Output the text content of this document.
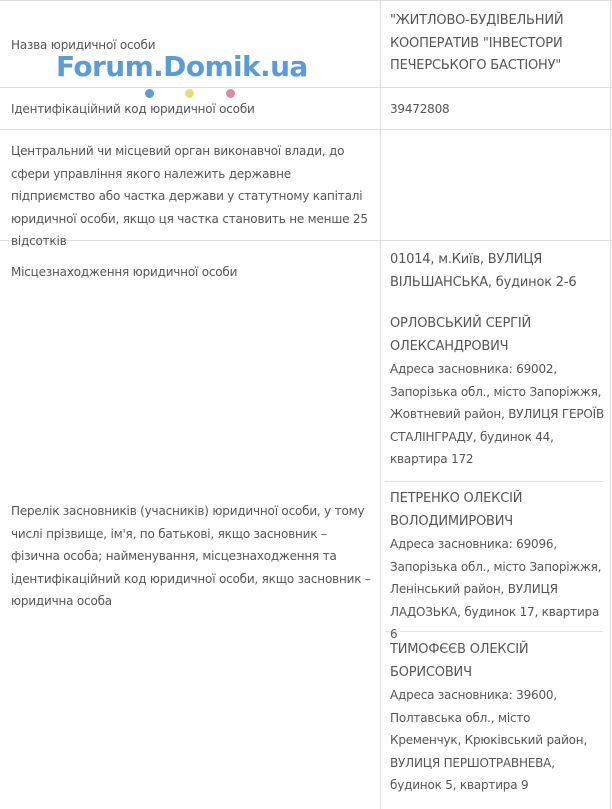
Назва юридичної особи
"ЖИТЛОВО-БУДІВЕЛЬНИЙ КООПЕРАТИВ "ІНВЕСТОРИ ПЕЧЕРСЬКОГО БАСТІОНУ"
Forum.Domik.ua
Ідентифікаційний код юридичної особи	39472808
Центральний чи місцевий орган виконавчої влади, до сфери управління якого належить державне підприємство або частка держави у статутному капіталі юридичної особи, якщо ця частка становить не менше 25 відсотків
Місцезнаходження юридичної особи
01014, м.Київ, ВУЛИЦЯ ВІЛЬШАНСЬКА, будинок 2-6
Перелік засновників (учасників) юридичної особи, у тому числі прізвище, ім'я, по батькові, якщо засновник – фізична особа; найменування, місцезнаходження та ідентифікаційний код юридичної особи, якщо засновник – юридична особа
ОРЛОВСЬКИЙ СЕРГІЙ ОЛЕКСАНДРОВИЧ
Адреса засновника: 69002, Запорізька обл., місто Запоріжжя, Жовтневий район, ВУЛИЦЯ ГЕРОЇВ СТАЛІНГРАДУ, будинок 44, квартира 172
ПЕТРЕНКО ОЛЕКСІЙ ВОЛОДИМИРОВИЧ
Адреса засновника: 69096, Запорізька обл., місто Запоріжжя, Ленінський район, ВУЛИЦЯ ЛАДОЗЬКА, будинок 17, квартира 6
ТИМОФЄЄВ ОЛЕКСІЙ БОРИСОВИЧ
Адреса засновника: 39600, Полтавська обл., місто Кременчук, Крюківський район, ВУЛИЦЯ ПЕРШОТРАВНЕВА, будинок 5, квартира 9
